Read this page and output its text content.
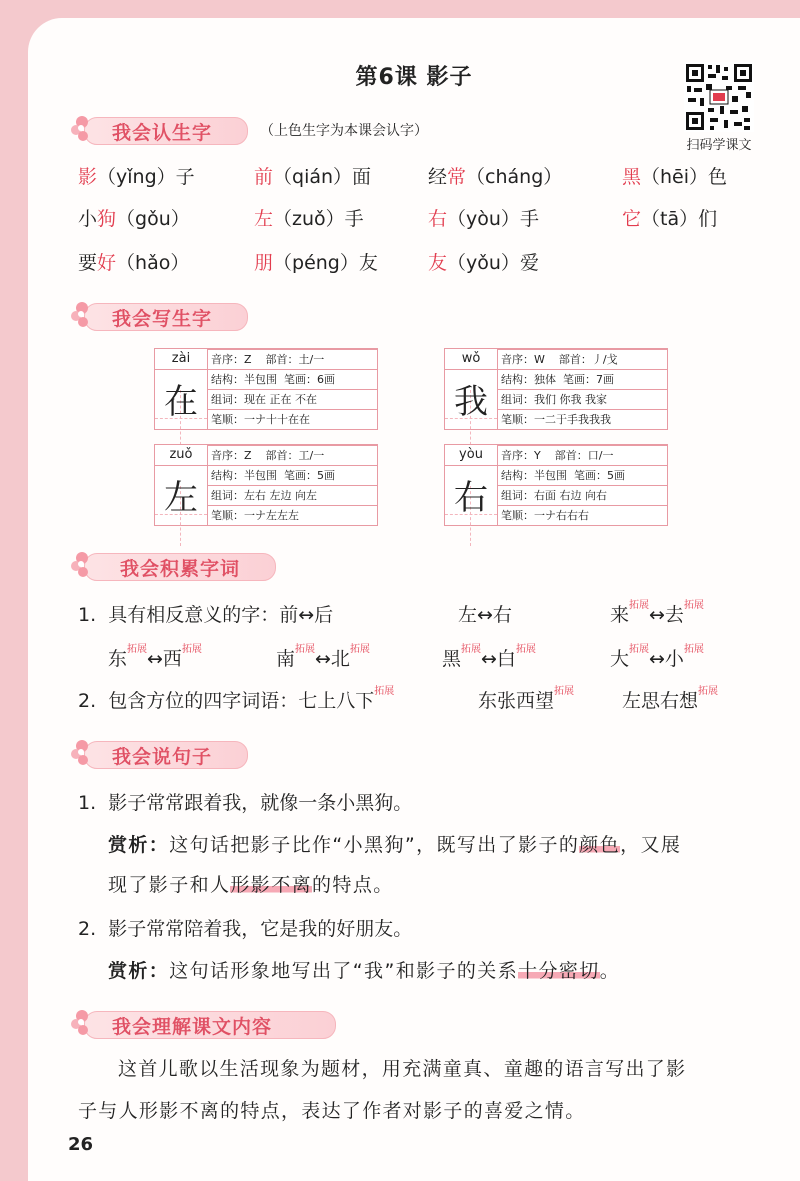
第6课 影子
扫码学课文
我会认生字	（上色生字为本课会认字）
影（yǐng）子	前（qián）面	经常（cháng）	黑（hēi）色
小狗（gǒu）	左（zuǒ）手	右（yòu）手	它（tā）们
要好（hǎo）	朋（péng）友	友（yǒu）爱
我会写生字
zài
在
音序：Z 部首：土/一
结构：半包围 笔画：6画
组词：现在 正在 不在
笔顺：一ナ十十在在
wǒ
我
音序：W 部首：丿/戈
结构：独体 笔画：7画
组词：我们 你我 我家
笔顺：一二于手我我我
zuǒ
左
音序：Z 部首：工/一
结构：半包围 笔画：5画
组词：左右 左边 向左
笔顺：一ナ左左左
yòu
右
音序：Y 部首：口/一
结构：半包围 笔画：5画
组词：右面 右边 向右
笔顺：一ナ右右右
我会积累字词
1. 具有相反意义的字：前↔后	左↔右	来$^{拓展}$↔去$^{拓展}$
东$^{拓展}$↔西$^{拓展}$	南$^{拓展}$↔北$^{拓展}$	黑$^{拓展}$↔白$^{拓展}$	大$^{拓展}$↔小$^{拓展}$
2. 包含方位的四字词语：七上八下$^{拓展}$	东张西望$^{拓展}$	左思右想$^{拓展}$
我会说句子
1. 影子常常跟着我，就像一条小黑狗。
赏析：这句话把影子比作“小黑狗”，既写出了影子的颜色，又展
现了影子和人形影不离的特点。
2. 影子常常陪着我，它是我的好朋友。
赏析：这句话形象地写出了“我”和影子的关系十分密切。
我会理解课文内容
这首儿歌以生活现象为题材，用充满童真、童趣的语言写出了影
子与人形影不离的特点，表达了作者对影子的喜爱之情。
26
